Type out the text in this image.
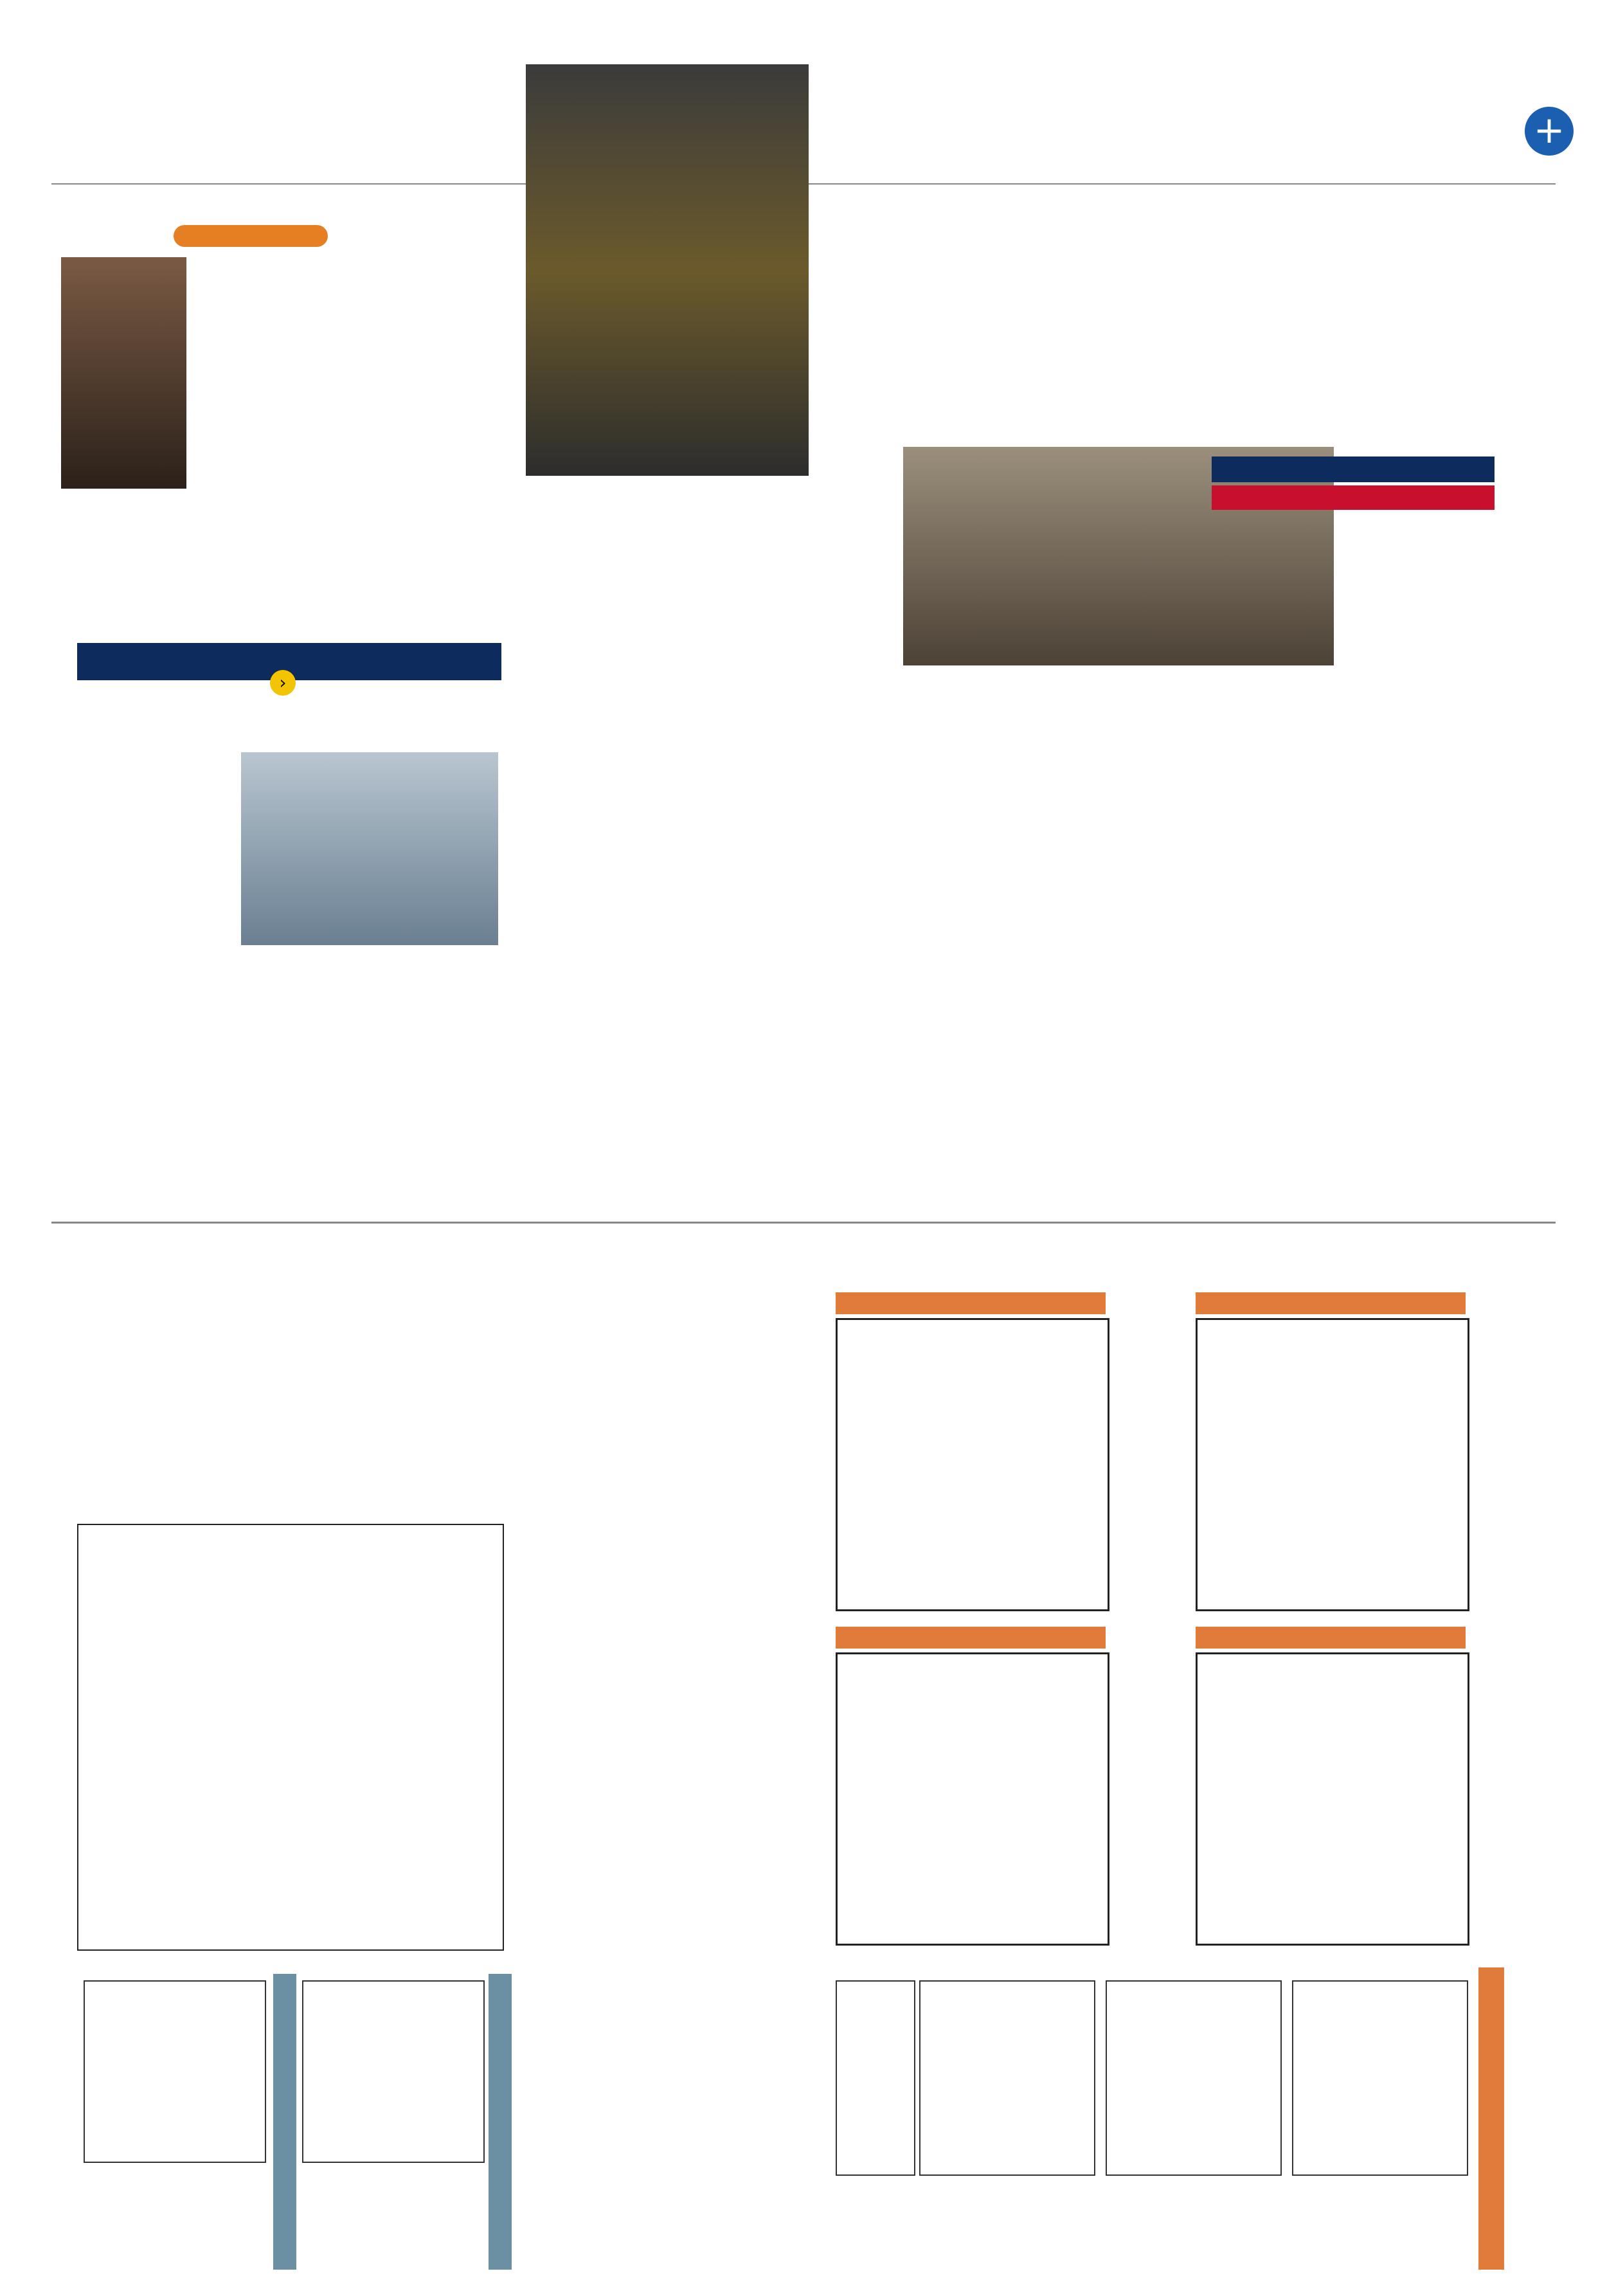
+
‹
